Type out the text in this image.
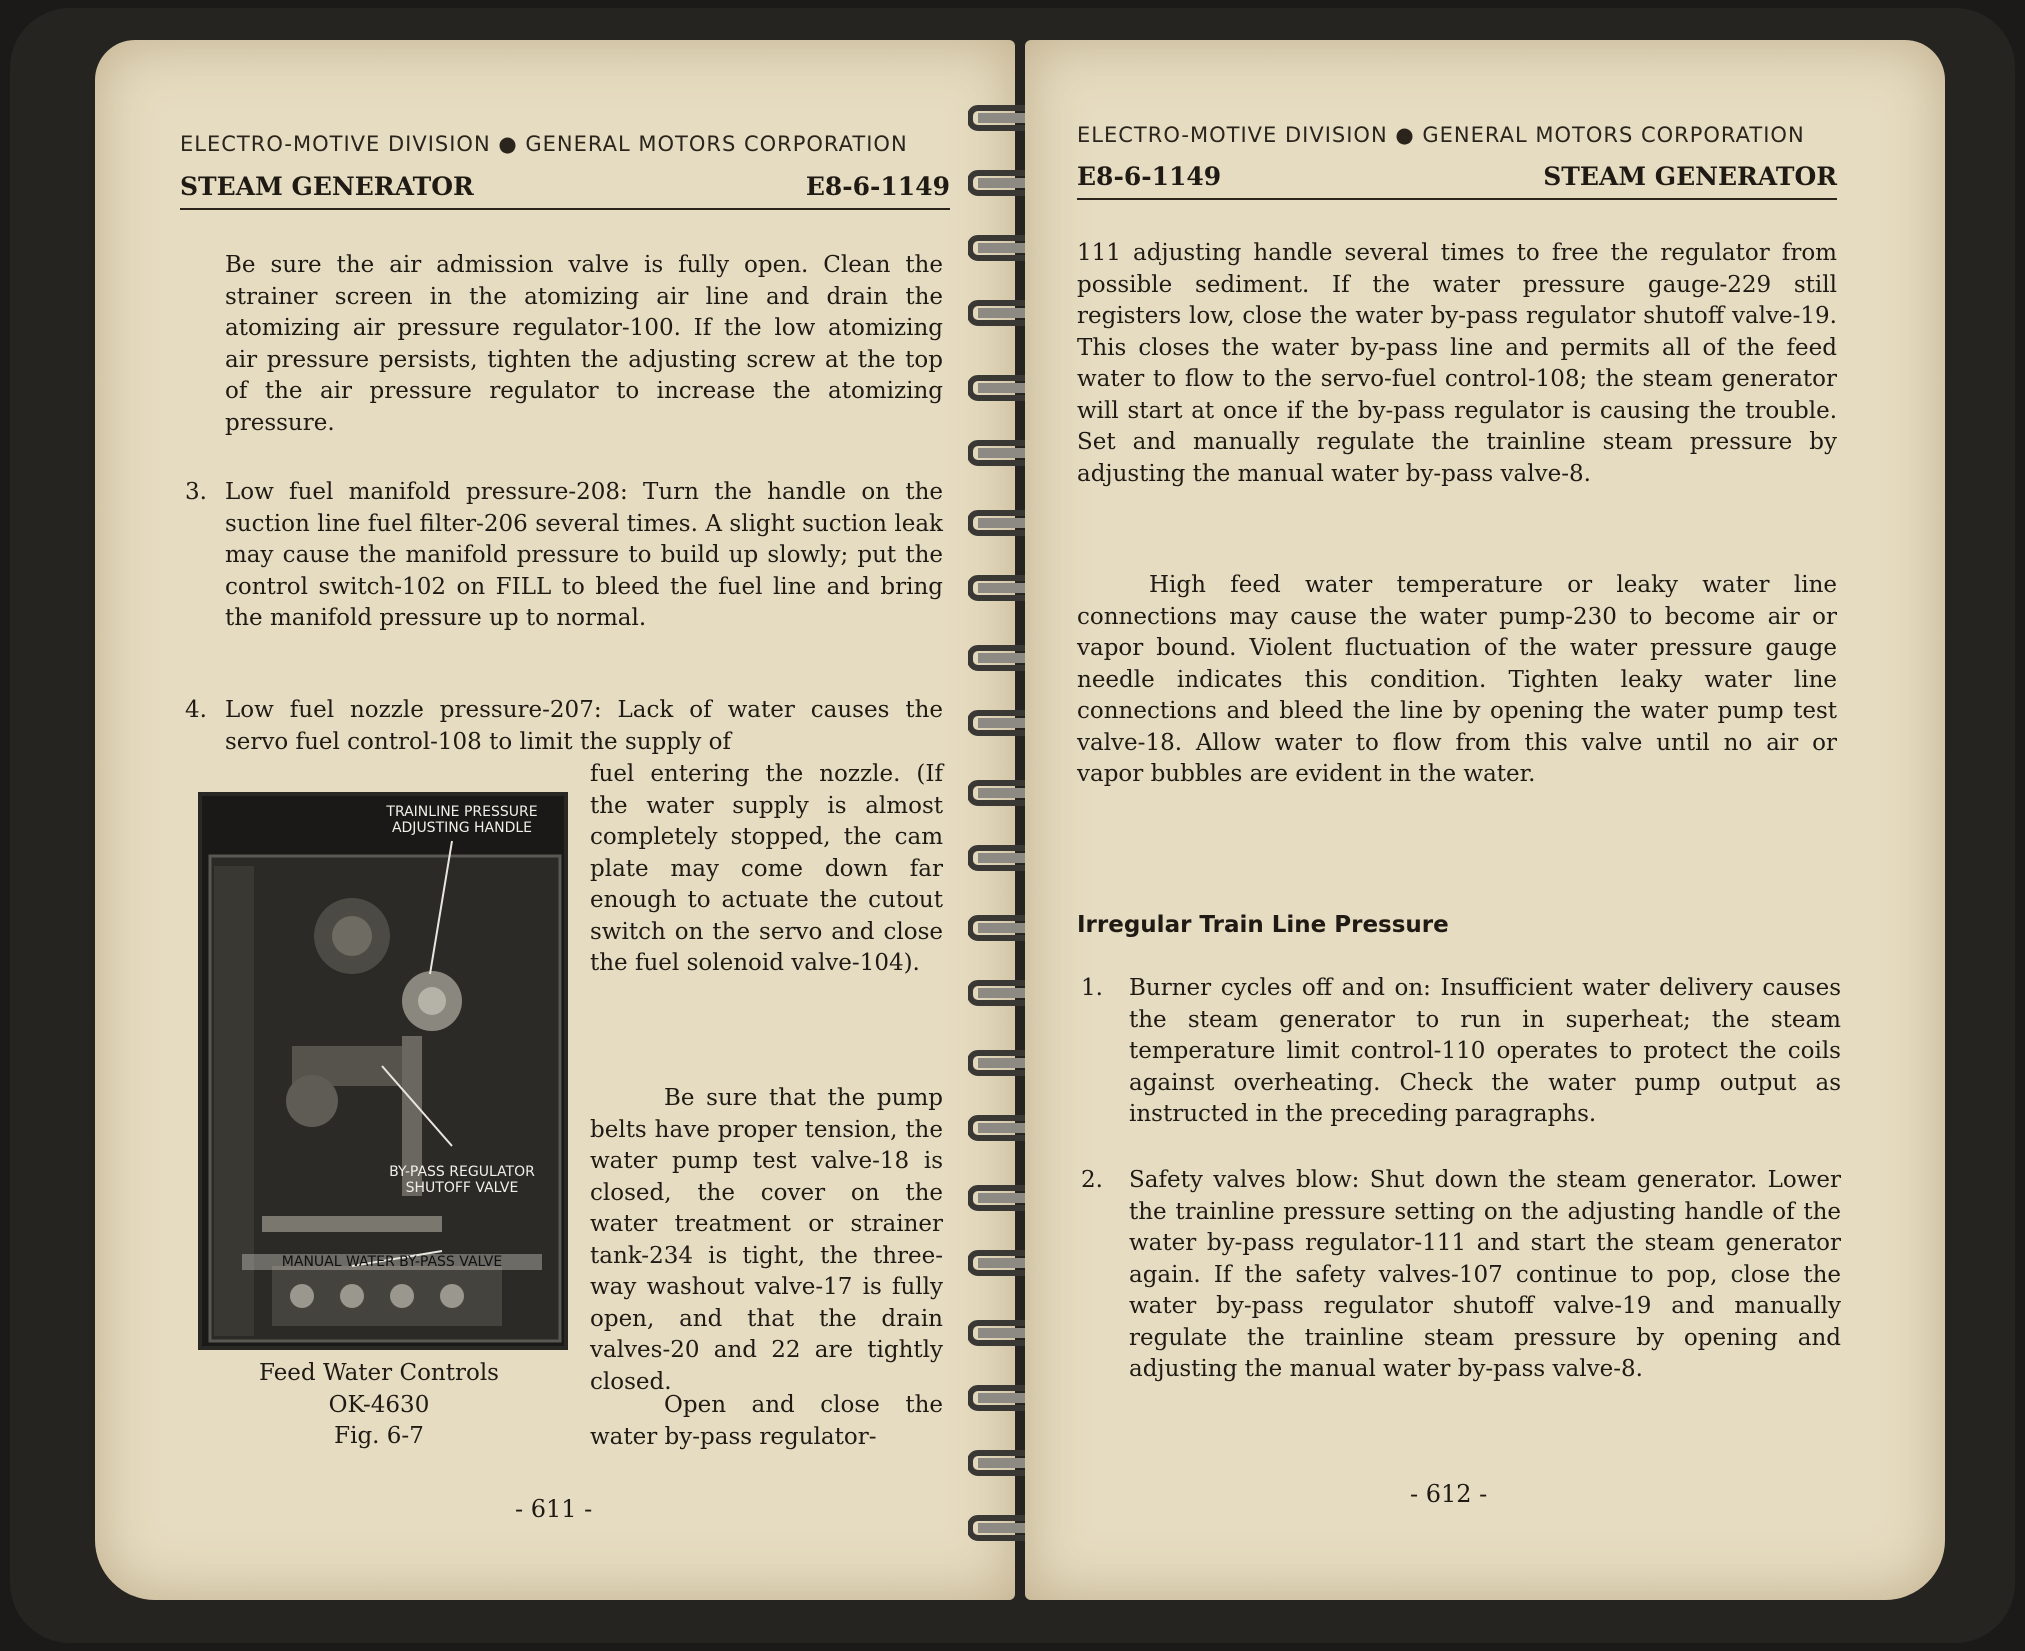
ELECTRO-MOTIVE DIVISION ● GENERAL MOTORS CORPORATION
STEAM GENERATOR	E8-6-1149
Be sure the air admission valve is fully open. Clean the strainer screen in the atomizing air line and drain the atomizing air pressure regulator-100. If the low atomizing air pressure persists, tighten the adjusting screw at the top of the air pressure regulator to increase the atomizing pressure.
3. Low fuel manifold pressure-208: Turn the handle on the suction line fuel filter-206 several times. A slight suction leak may cause the manifold pressure to build up slowly; put the control switch-102 on FILL to bleed the fuel line and bring the manifold pressure up to normal.
4. Low fuel nozzle pressure-207: Lack of water causes the servo fuel control-108 to limit the supply of
TRAINLINE PRESSURE
ADJUSTING HANDLE
BY-PASS REGULATOR
SHUTOFF VALVE
MANUAL WATER BY-PASS VALVE
Feed Water Controls
OK-4630
Fig. 6-7
fuel entering the nozzle. (If the water supply is almost completely stopped, the cam plate may come down far enough to actuate the cutout switch on the servo and close the fuel solenoid valve-104).
Be sure that the pump belts have proper tension, the water pump test valve-18 is closed, the cover on the water treatment or strainer tank-234 is tight, the three-way washout valve-17 is fully open, and that the drain valves-20 and 22 are tightly closed.
Open and close the water by-pass regulator-
- 611 -
ELECTRO-MOTIVE DIVISION ● GENERAL MOTORS CORPORATION
E8-6-1149	STEAM GENERATOR
111 adjusting handle several times to free the regulator from possible sediment. If the water pressure gauge-229 still registers low, close the water by-pass regulator shutoff valve-19. This closes the water by-pass line and permits all of the feed water to flow to the servo-fuel control-108; the steam generator will start at once if the by-pass regulator is causing the trouble. Set and manually regulate the trainline steam pressure by adjusting the manual water by-pass valve-8.
High feed water temperature or leaky water line connections may cause the water pump-230 to become air or vapor bound. Violent fluctuation of the water pressure gauge needle indicates this condition. Tighten leaky water line connections and bleed the line by opening the water pump test valve-18. Allow water to flow from this valve until no air or vapor bubbles are evident in the water.
Irregular Train Line Pressure
1. Burner cycles off and on: Insufficient water delivery causes the steam generator to run in superheat; the steam temperature limit control-110 operates to protect the coils against overheating. Check the water pump output as instructed in the preceding paragraphs.
2. Safety valves blow: Shut down the steam generator. Lower the trainline pressure setting on the adjusting handle of the water by-pass regulator-111 and start the steam generator again. If the safety valves-107 continue to pop, close the water by-pass regulator shutoff valve-19 and manually regulate the trainline steam pressure by opening and adjusting the manual water by-pass valve-8.
- 612 -
